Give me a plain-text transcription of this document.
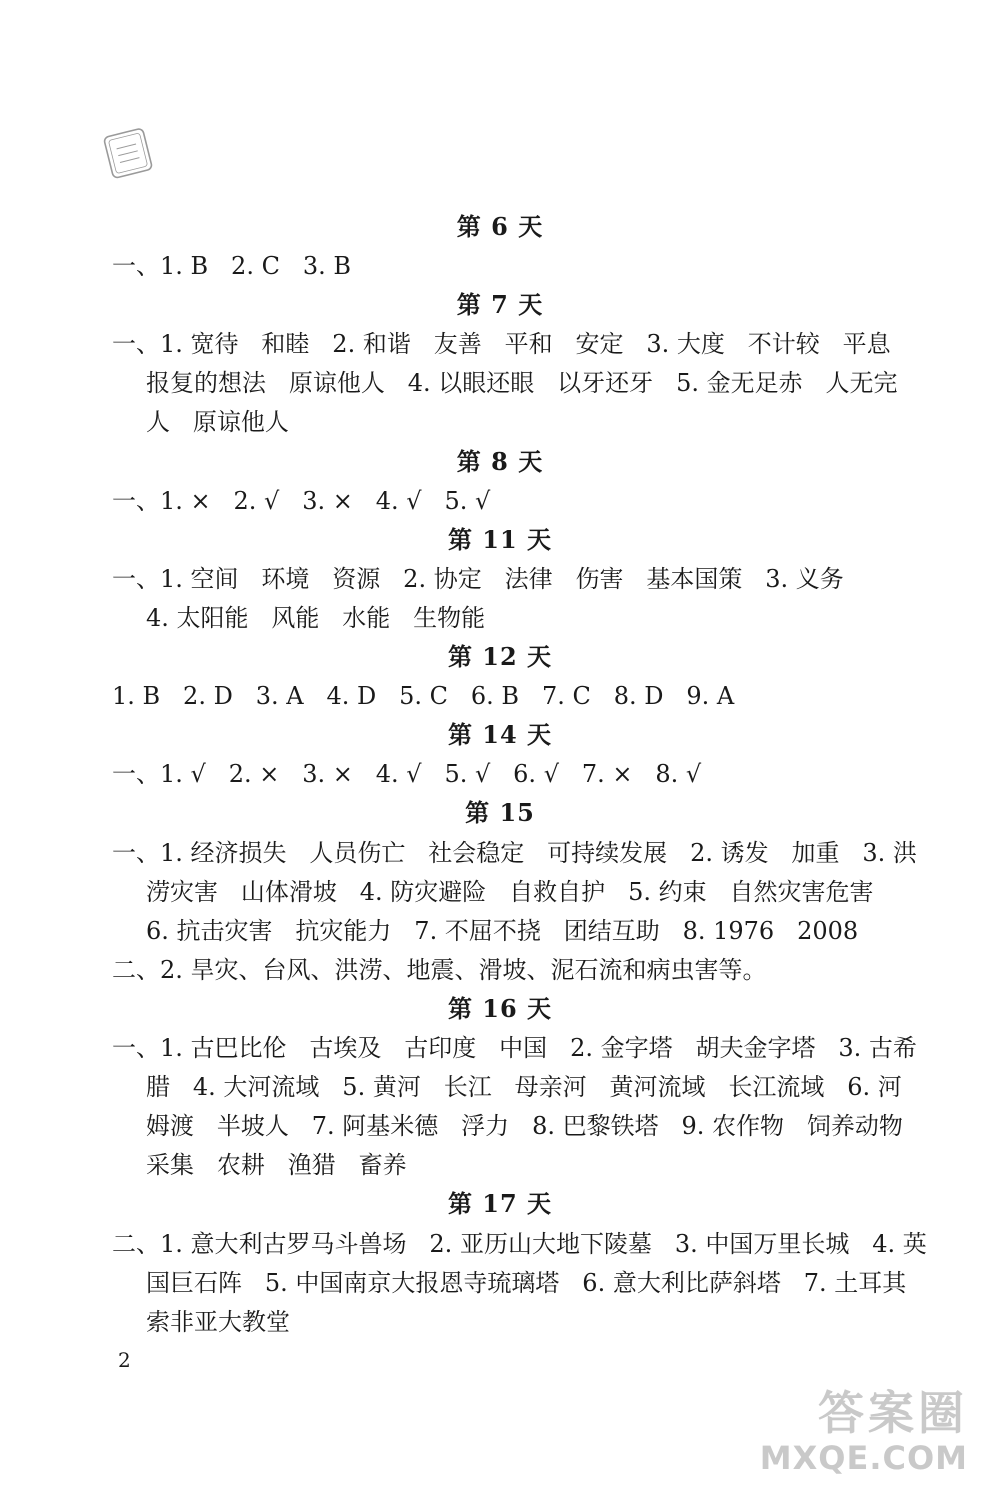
第 6 天
一、1. B   2. C   3. B
第 7 天
一、1. 宽待   和睦   2. 和谐   友善   平和   安定   3. 大度   不计较   平息
报复的想法   原谅他人   4. 以眼还眼   以牙还牙   5. 金无足赤   人无完
人   原谅他人
第 8 天
一、1. ×   2. √   3. ×   4. √   5. √
第 11 天
一、1. 空间   环境   资源   2. 协定   法律   伤害   基本国策   3. 义务
4. 太阳能   风能   水能   生物能
第 12 天
1. B   2. D   3. A   4. D   5. C   6. B   7. C   8. D   9. A
第 14 天
一、1. √   2. ×   3. ×   4. √   5. √   6. √   7. ×   8. √
第 15
一、1. 经济损失   人员伤亡   社会稳定   可持续发展   2. 诱发   加重   3. 洪
涝灾害   山体滑坡   4. 防灾避险   自救自护   5. 约束   自然灾害危害
6. 抗击灾害   抗灾能力   7. 不屈不挠   团结互助   8. 1976   2008
二、2. 旱灾、台风、洪涝、地震、滑坡、泥石流和病虫害等。
第 16 天
一、1. 古巴比伦   古埃及   古印度   中国   2. 金字塔   胡夫金字塔   3. 古希
腊   4. 大河流域   5. 黄河   长江   母亲河   黄河流域   长江流域   6. 河
姆渡   半坡人   7. 阿基米德   浮力   8. 巴黎铁塔   9. 农作物   饲养动物
采集   农耕   渔猎   畜养
第 17 天
二、1. 意大利古罗马斗兽场   2. 亚历山大地下陵墓   3. 中国万里长城   4. 英
国巨石阵   5. 中国南京大报恩寺琉璃塔   6. 意大利比萨斜塔   7. 土耳其
索非亚大教堂
2
答案圈
MXQE.COM
